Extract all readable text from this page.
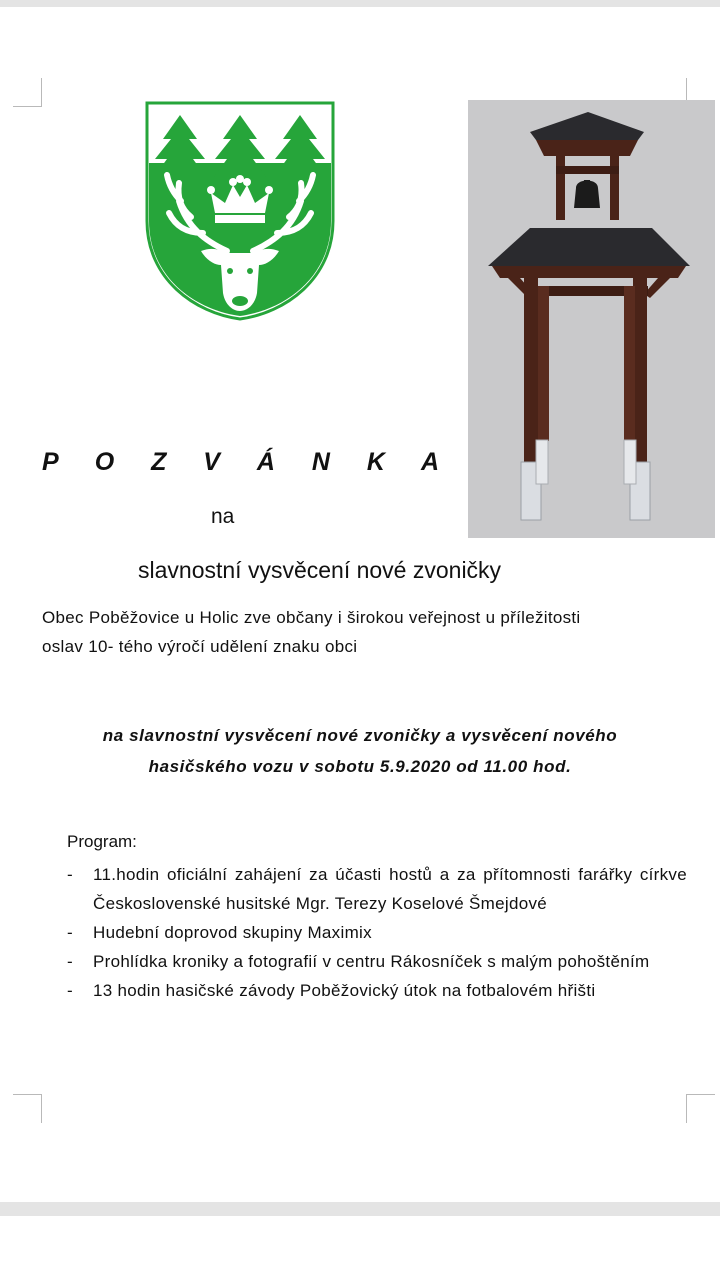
P O Z V Á N K A
na
slavnostní vysvěcení nové zvoničky
Obec Poběžovice u Holic zve občany i širokou veřejnost u příležitosti
oslav 10- tého výročí udělení znaku obci
na slavnostní vysvěcení nové zvoničky a vysvěcení nového
hasičského vozu v sobotu 5.9.2020 od 11.00 hod.
Program:
- 11.hodin oficiální zahájení za účasti hostů a za přítomnosti farářky církve Československé husitské Mgr. Terezy Koselové Šmejdové
- Hudební doprovod skupiny Maximix
- Prohlídka kroniky a fotografií v centru Rákosníček s malým pohoštěním
- 13 hodin hasičské závody Poběžovický útok na fotbalovém hřišti
